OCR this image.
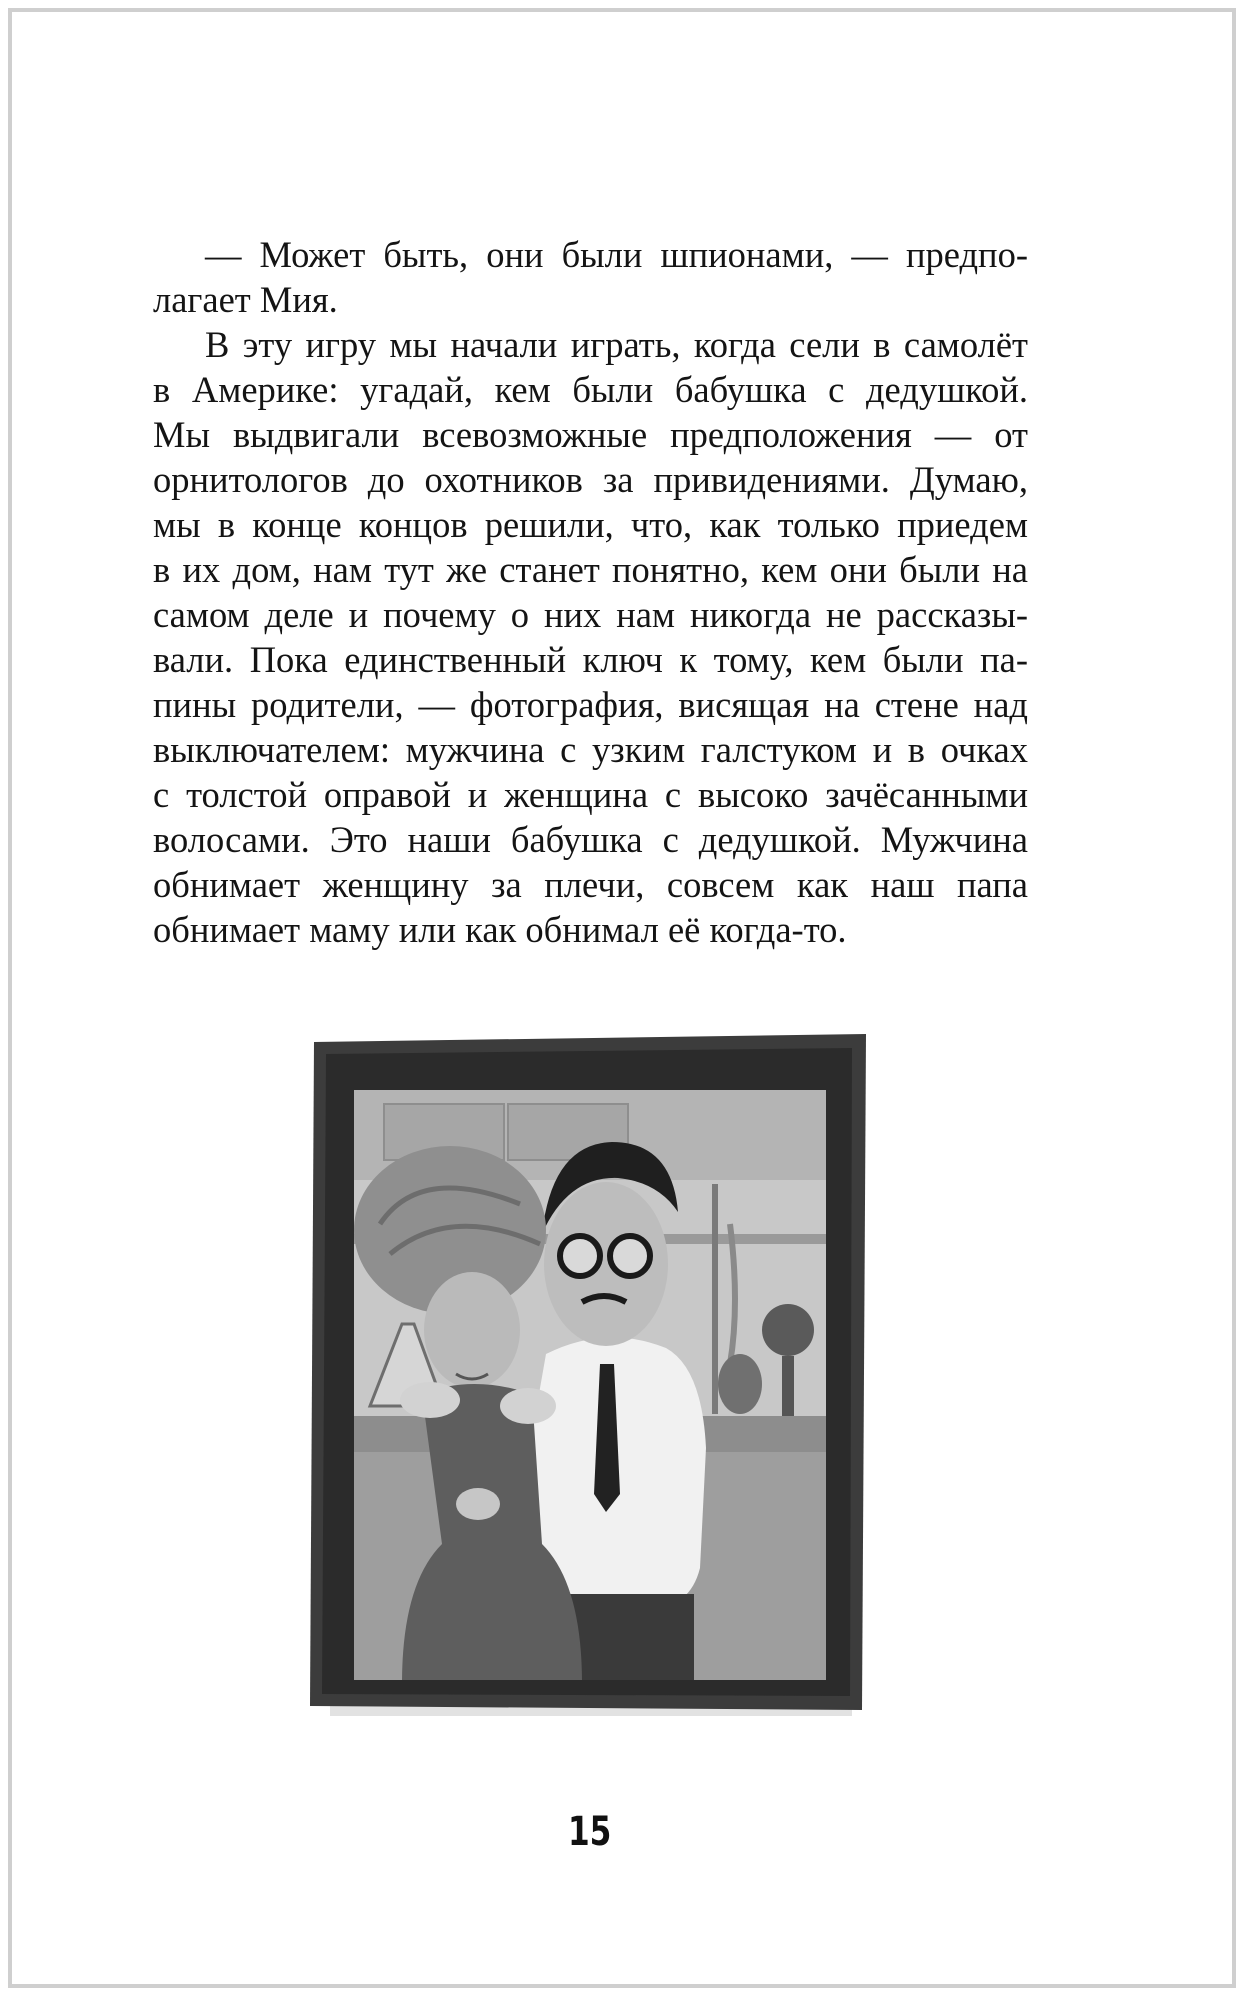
— Может быть, они были шпионами, — предпо-
лагает Мия.
В эту игру мы начали играть, когда сели в самолёт
в Америке: угадай, кем были бабушка с дедушкой.
Мы выдвигали всевозможные предположения — от
орнитологов до охотников за привидениями. Думаю,
мы в конце концов решили, что, как только приедем
в их дом, нам тут же станет понятно, кем они были на
самом деле и почему о них нам никогда не рассказы-
вали. Пока единственный ключ к тому, кем были па-
пины родители, — фотография, висящая на стене над
выключателем: мужчина с узким галстуком и в очках
с толстой оправой и женщина с высоко зачёсанными
волосами. Это наши бабушка с дедушкой. Мужчина
обнимает женщину за плечи, совсем как наш папа
обнимает маму или как обнимал её когда-то.
15
